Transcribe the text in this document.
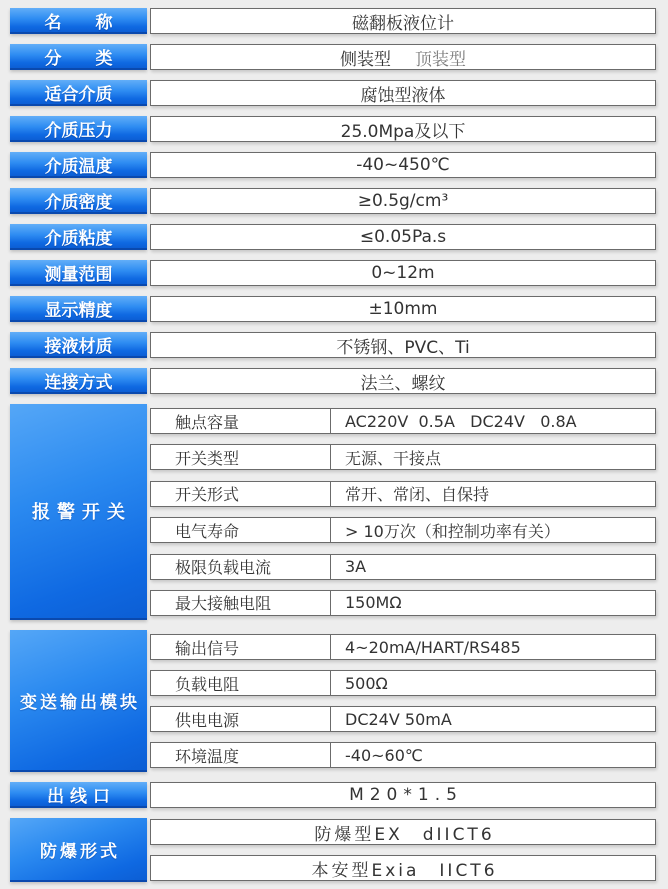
名　　称	磁翻板液位计
分　　类	侧装型 顶装型
适合介质	腐蚀型液体
介质压力	25.0Mpa及以下
介质温度	-40~450℃
介质密度	≥0.5g/cm³
介质粘度	≤0.05Pa.s
测量范围	0~12m
显示精度	±10mm
接液材质	不锈钢、PVC、Ti
连接方式	法兰、螺纹
报警开关
触点容量	AC220V  0.5A   DC24V   0.8A
开关类型	无源、干接点
开关形式	常开、常闭、自保持
电气寿命	> 10万次（和控制功率有关）
极限负载电流	3A
最大接触电阻	150MΩ
变送输出模块
输出信号	4~20mA/HART/RS485
负载电阻	500Ω
供电电源	DC24V 50mA
环境温度	-40~60℃
出 线 口	M20*1.5
防爆形式
防爆型EX　dIICT6
本安型Exia　IICT6
